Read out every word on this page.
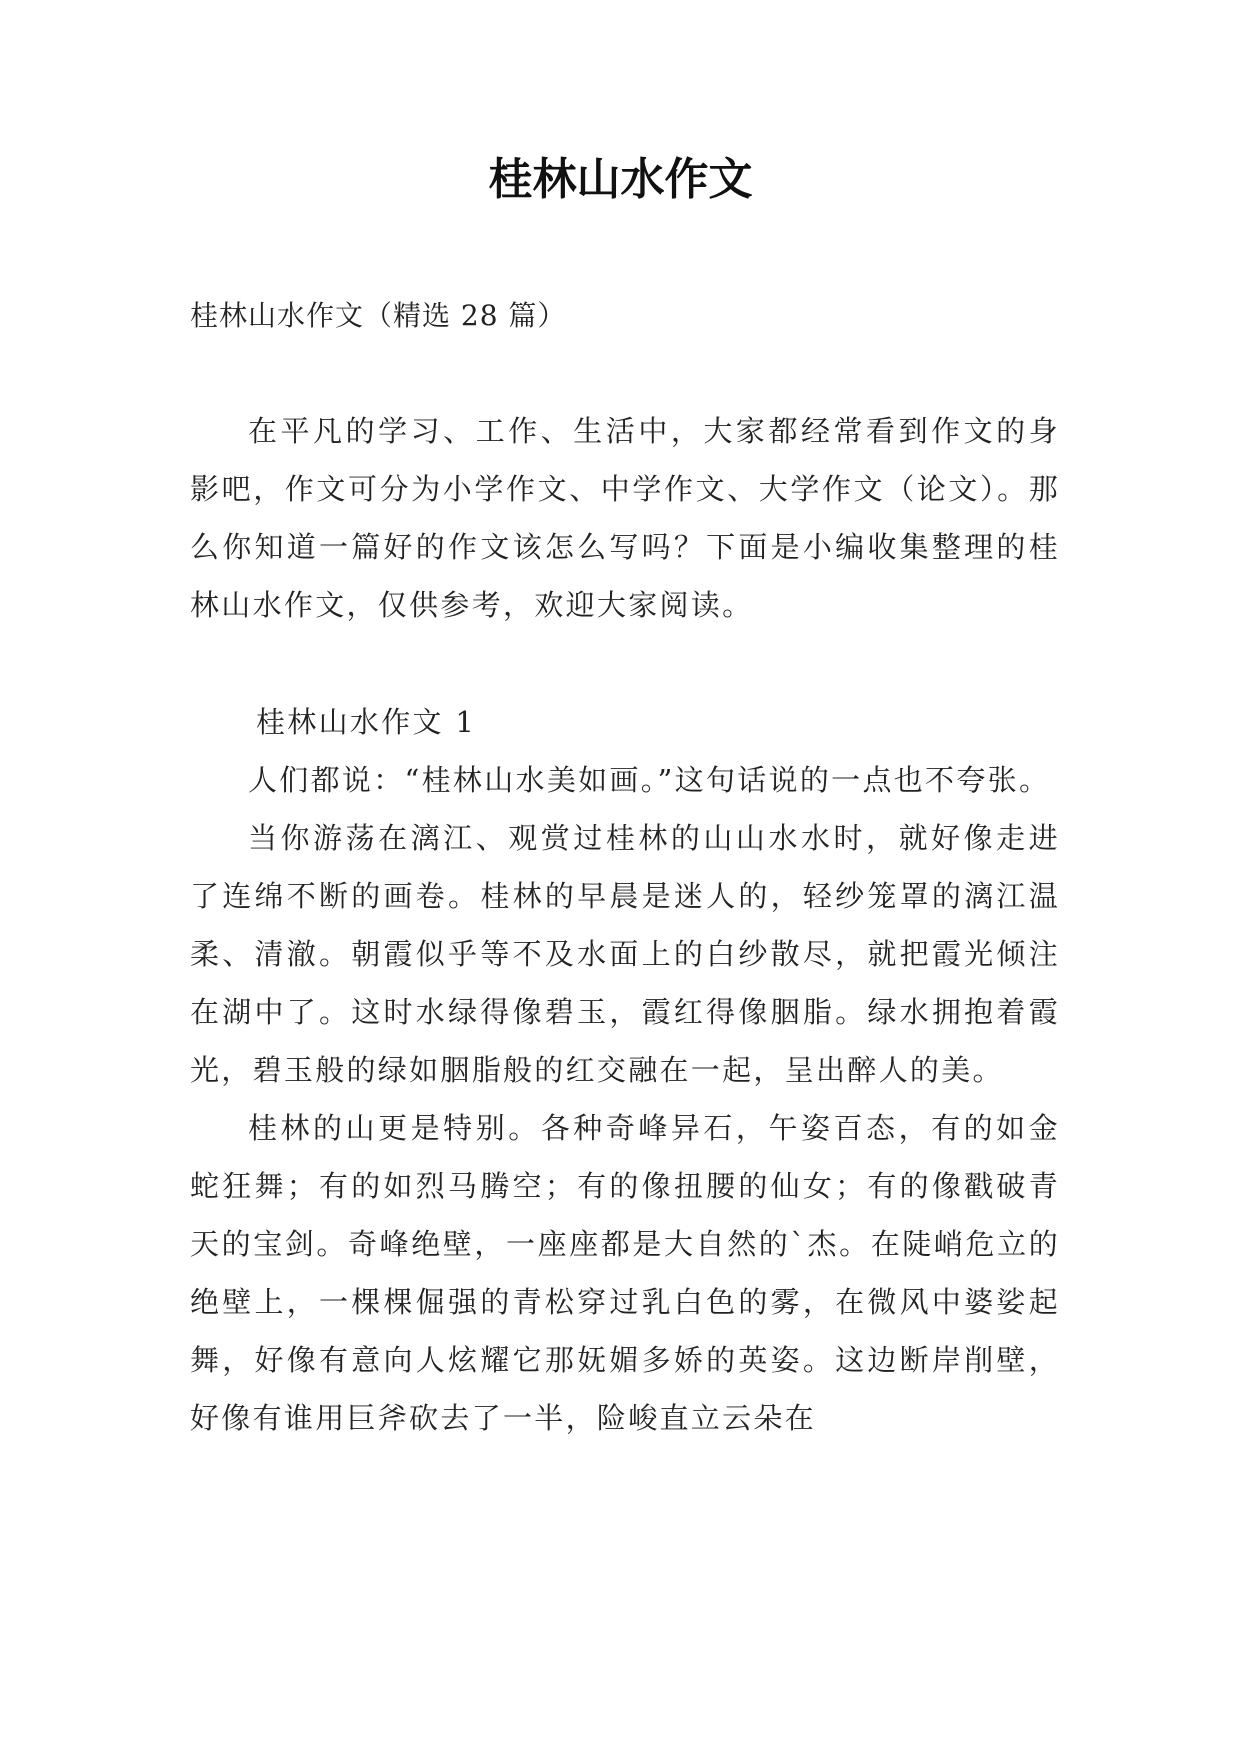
桂林山水作文
桂林山水作文（精选 28 篇）

在平凡的学习、工作、生活中，大家都经常看到作文的身影吧，作文可分为小学作文、中学作文、大学作文（论文）。那么你知道一篇好的作文该怎么写吗？下面是小编收集整理的桂林山水作文，仅供参考，欢迎大家阅读。

桂林山水作文 1

人们都说：“桂林山水美如画。”这句话说的一点也不夸张。

当你游荡在漓江、观赏过桂林的山山水水时，就好像走进了连绵不断的画卷。桂林的早晨是迷人的，轻纱笼罩的漓江温柔、清澈。朝霞似乎等不及水面上的白纱散尽，就把霞光倾注在湖中了。这时水绿得像碧玉，霞红得像胭脂。绿水拥抱着霞光，碧玉般的绿如胭脂般的红交融在一起，呈出醉人的美。

桂林的山更是特别。各种奇峰异石，午姿百态，有的如金蛇狂舞；有的如烈马腾空；有的像扭腰的仙女；有的像戳破青天的宝剑。奇峰绝壁，一座座都是大自然的`杰。在陡峭危立的绝壁上，一棵棵倔强的青松穿过乳白色的雾，在微风中婆娑起舞，好像有意向人炫耀它那妩媚多娇的英姿。这边断岸削壁，好像有谁用巨斧砍去了一半，险峻直立云朵在
